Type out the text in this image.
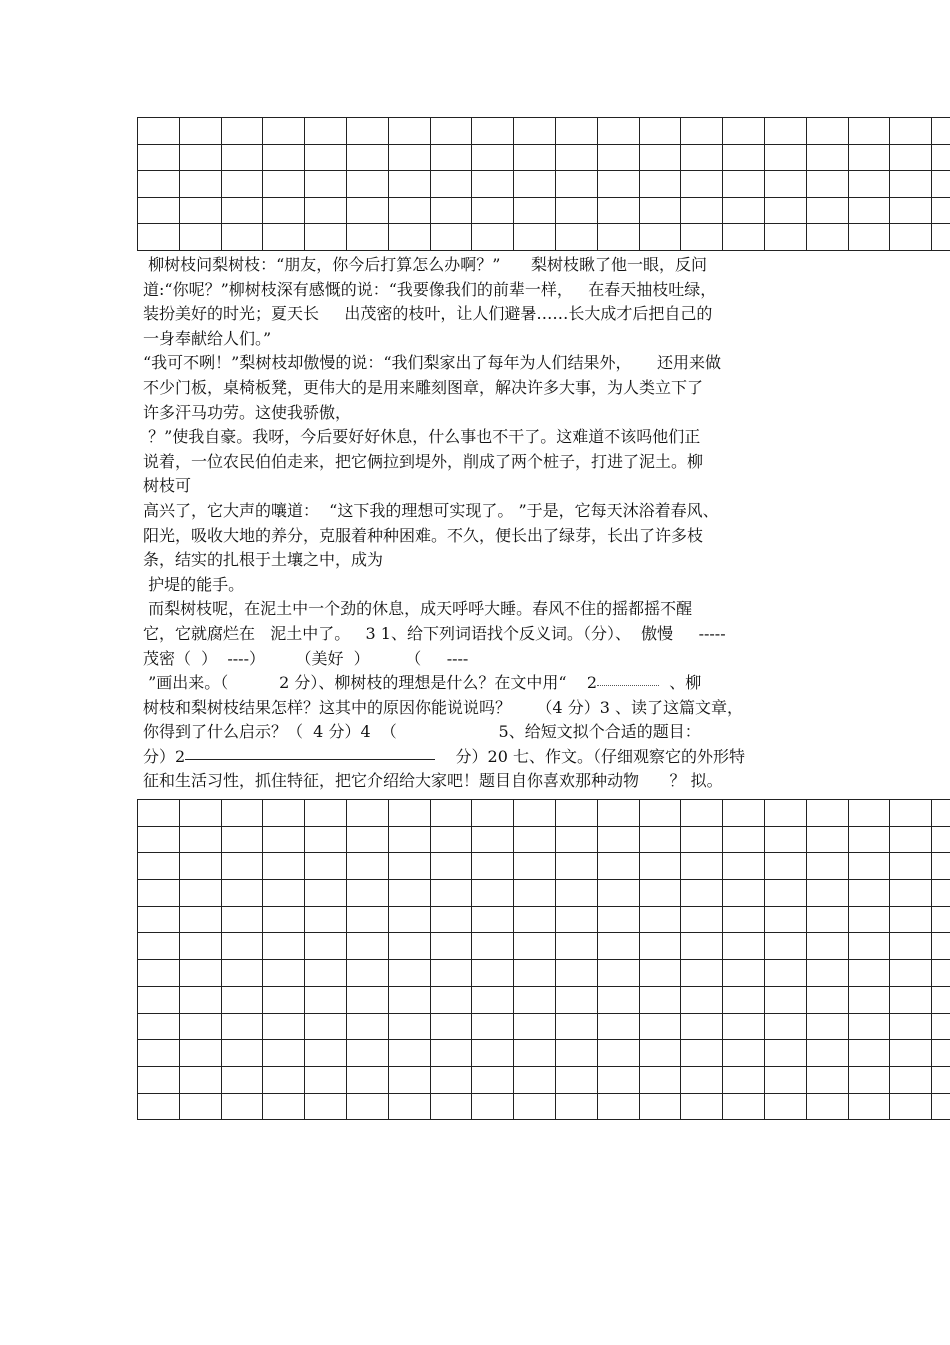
柳树枝问梨树枝：“朋友，你今后打算怎么办啊？”      梨树枝瞅了他一眼，反问
道:“你呢？”柳树枝深有感慨的说：“我要像我们的前辈一样，   在春天抽枝吐绿，
装扮美好的时光；夏天长     出茂密的枝叶，让人们避暑……长大成才后把自己的
一身奉献给人们。”
“我可不咧！”梨树枝却傲慢的说：“我们梨家出了每年为人们结果外，     还用来做
不少门板，桌椅板凳，更伟大的是用来雕刻图章，解决许多大事，为人类立下了
许多汗马功劳。这使我骄傲，
？”使我自豪。我呀，今后要好好休息，什么事也不干了。这难道不该吗他们正
说着，一位农民伯伯走来，把它俩拉到堤外，削成了两个桩子，打进了泥土。柳
树枝可
高兴了，它大声的嚷道：  “这下我的理想可实现了。 ”于是，它每天沐浴着春风、
阳光，吸收大地的养分，克服着种种困难。不久，便长出了绿芽，长出了许多枝
条，结实的扎根于土壤之中，成为
护堤的能手。
而梨树枝呢，在泥土中一个劲的休息，成天呼呼大睡。春风不住的摇都摇不醒
它，它就腐烂在   泥土中了。   3 1、给下列词语找个反义词。（分）、  傲慢     -----
茂密（  ）  ----）      （美好  ）       （     ----
”画出来。（          2 分）、柳树枝的理想是什么？在文中用“    2	、柳
树枝和梨树枝结果怎样？这其中的原因你能说说吗？     （4 分）3 、读了这篇文章，
你得到了什么启示？（  4 分）4  （                    5、给短文拟个合适的题目：
分）2	分）20 七、作文。（仔细观察它的外形特
征和生活习性，抓住特征，把它介绍给大家吧！题目自你喜欢那种动物      ？ 拟。
